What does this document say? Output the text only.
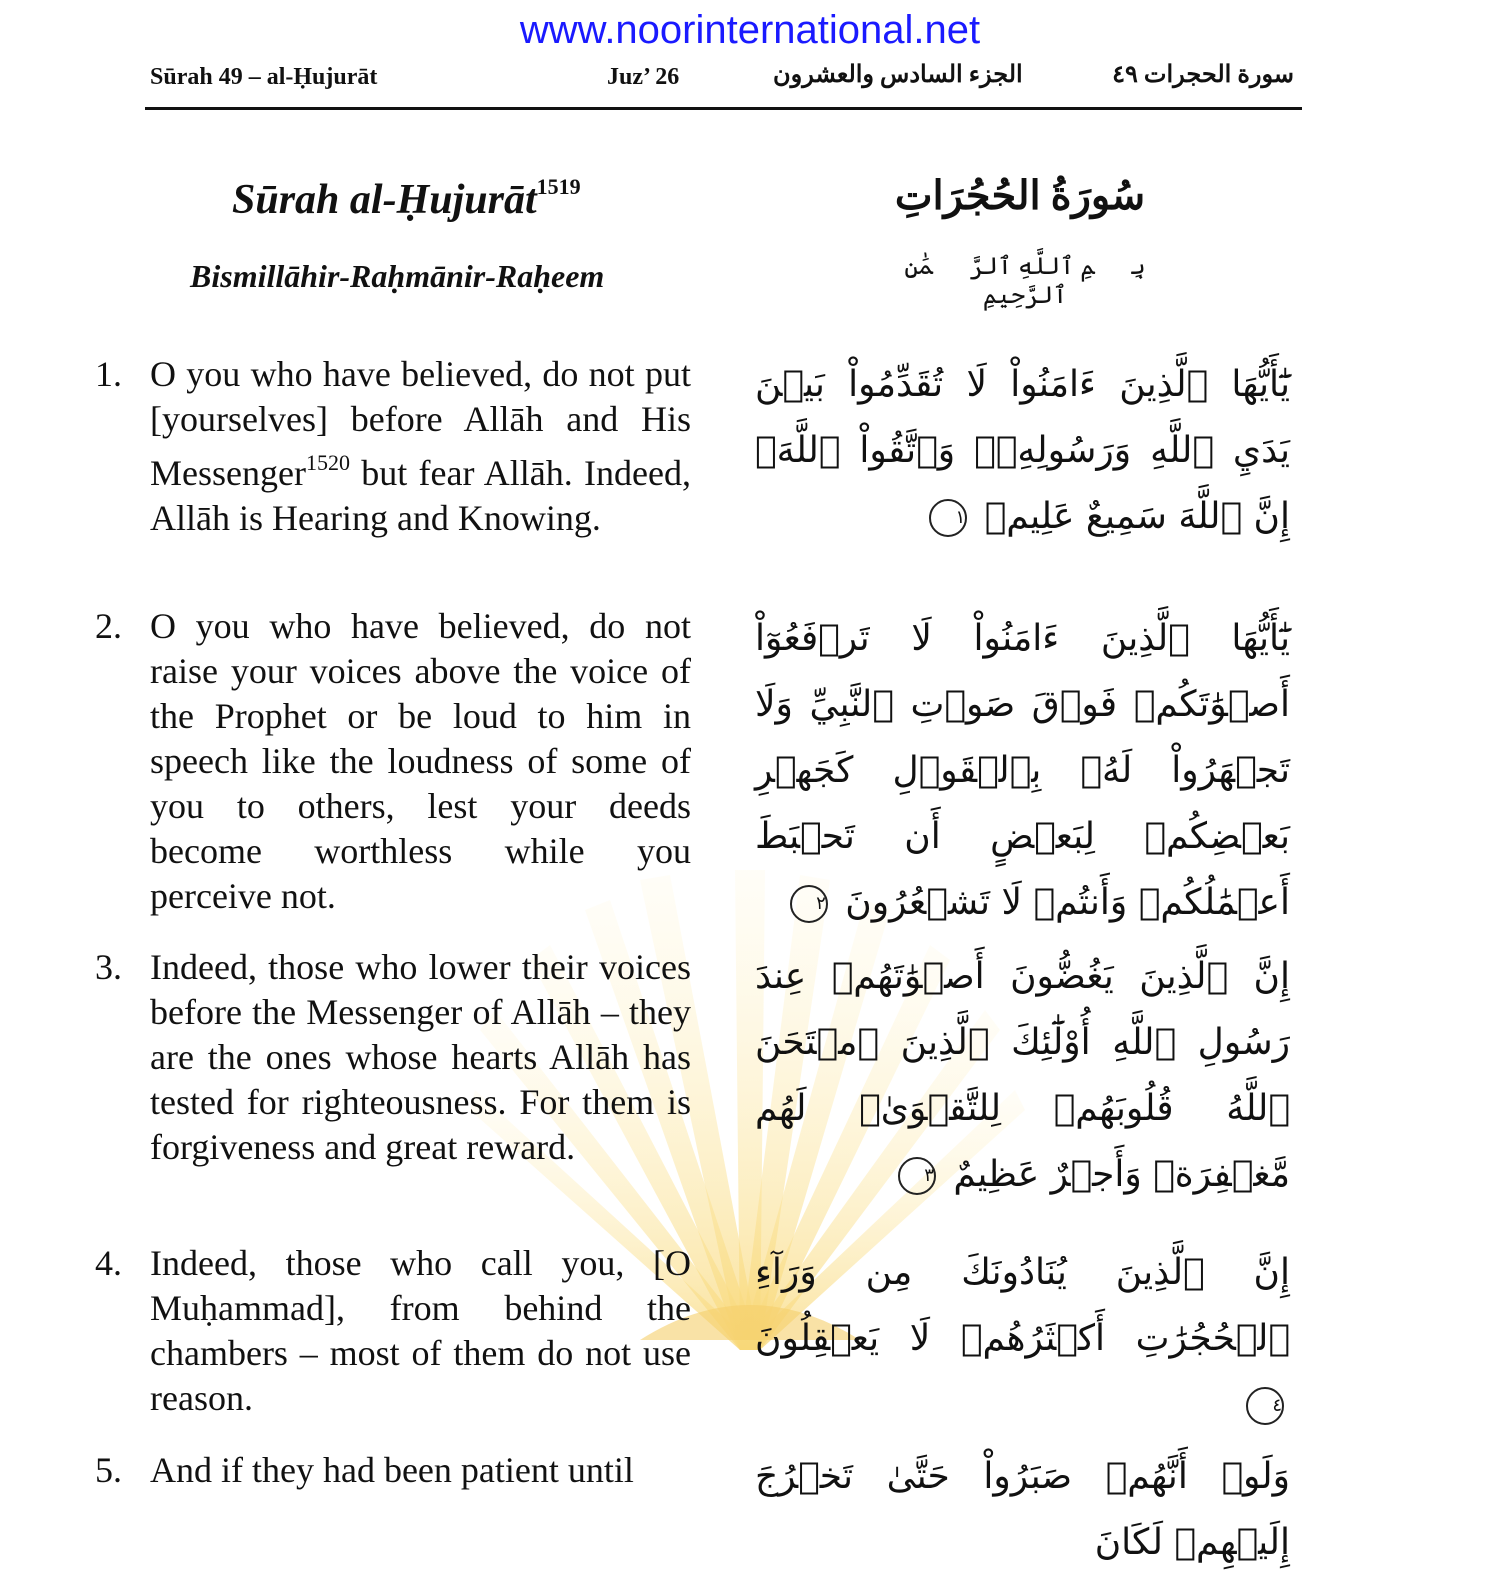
www.noorinternational.net
Sūrah 49 – al-Ḥujurāt	Juz’ 26	الجزء السادس والعشرون	سورة الحجرات ٤٩
Sūrah al-Ḥujurāt$^{1519}$
Bismillāhir-Raḥmānir-Raḥeem
سُورَةُ الحُجُرَاتِ
بِسۡمِ ٱللَّهِ ٱلرَّحۡمَٰنِ ٱلرَّحِيمِ
1. O you who have believed, do not put [yourselves] before Allāh and His Messenger$^{1520}$ but fear Allāh. Indeed, Allāh is Hearing and Knowing.
2. O you who have believed, do not raise your voices above the voice of the Prophet or be loud to him in speech like the loudness of some of you to others, lest your deeds become worthless while you perceive not.
3. Indeed, those who lower their voices before the Messenger of Allāh – they are the ones whose hearts Allāh has tested for righteousness. For them is forgiveness and great reward.
4. Indeed, those who call you, [O Muḥammad], from behind the chambers – most of them do not use reason.
5. And if they had been patient until
يَٰٓأَيُّهَا ٱلَّذِينَ ءَامَنُواْ لَا تُقَدِّمُواْ بَيۡنَ يَدَيِ ٱللَّهِ وَرَسُولِهِۦۖ وَٱتَّقُواْ ٱللَّهَۚ إِنَّ ٱللَّهَ سَمِيعٌ عَلِيمٞ ١
يَٰٓأَيُّهَا ٱلَّذِينَ ءَامَنُواْ لَا تَرۡفَعُوٓاْ أَصۡوَٰتَكُمۡ فَوۡقَ صَوۡتِ ٱلنَّبِيِّ وَلَا تَجۡهَرُواْ لَهُۥ بِٱلۡقَوۡلِ كَجَهۡرِ بَعۡضِكُمۡ لِبَعۡضٍ أَن تَحۡبَطَ أَعۡمَٰلُكُمۡ وَأَنتُمۡ لَا تَشۡعُرُونَ ٢
إِنَّ ٱلَّذِينَ يَغُضُّونَ أَصۡوَٰتَهُمۡ عِندَ رَسُولِ ٱللَّهِ أُوْلَٰٓئِكَ ٱلَّذِينَ ٱمۡتَحَنَ ٱللَّهُ قُلُوبَهُمۡ لِلتَّقۡوَىٰۚ لَهُم مَّغۡفِرَةٞ وَأَجۡرٌ عَظِيمٌ ٣
إِنَّ ٱلَّذِينَ يُنَادُونَكَ مِن وَرَآءِ ٱلۡحُجُرَٰتِ أَكۡثَرُهُمۡ لَا يَعۡقِلُونَ ٤
وَلَوۡ أَنَّهُمۡ صَبَرُواْ حَتَّىٰ تَخۡرُجَ إِلَيۡهِمۡ لَكَانَ
